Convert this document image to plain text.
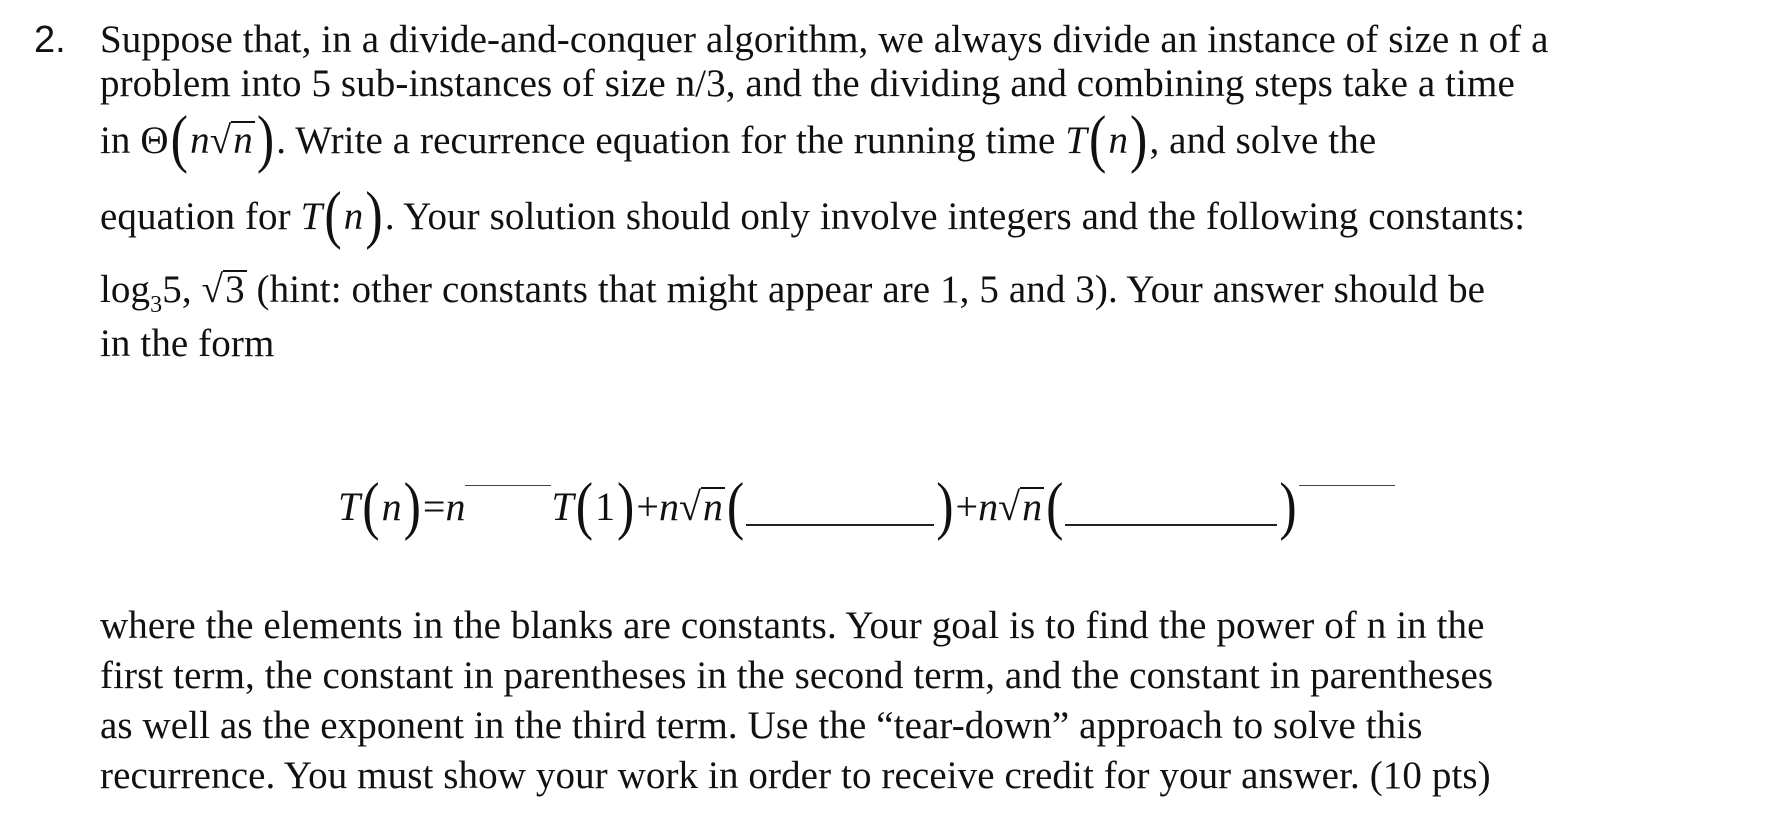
2. Suppose that, in a divide-and-conquer algorithm, we always divide an instance of size n of a
problem into 5 sub-instances of size n/3, and the dividing and combining steps take a time
in Θ(n√n). Write a recurrence equation for the running time T(n), and solve the
equation for T(n). Your solution should only involve integers and the following constants:
$\log_35$, √3 (hint: other constants that might appear are 1, 5 and 3). Your answer should be
in the form
T(n)=n T(1)+n√n(	)+n√n(	)
where the elements in the blanks are constants. Your goal is to find the power of n in the
first term, the constant in parentheses in the second term, and the constant in parentheses
as well as the exponent in the third term. Use the “tear-down” approach to solve this
recurrence. You must show your work in order to receive credit for your answer. (10 pts)
